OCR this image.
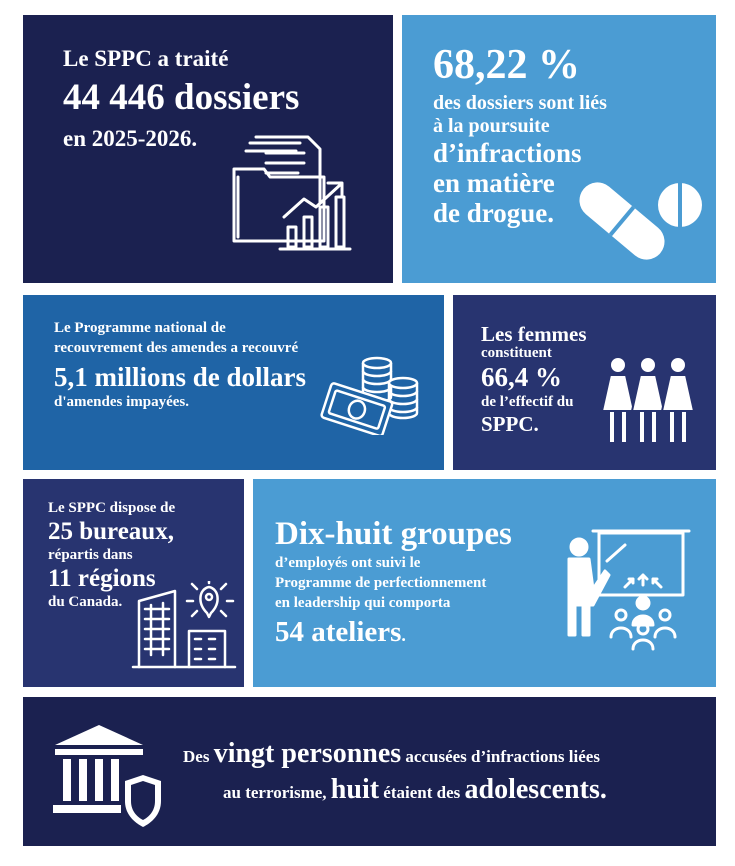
Le SPPC a traité
44 446 dossiers
en 2025-2026.
68,22 %
des dossiers sont liés
à la poursuite
d’infractions
en matière
de drogue.
Le Programme national de
recouvrement des amendes a recouvré
5,1 millions de dollars
d'amendes impayées.
Les femmes
constituent
66,4 %
de l’effectif du
SPPC.
Le SPPC dispose de
25 bureaux,
répartis dans
11 régions
du Canada.
Dix-huit groupes
d’employés ont suivi le
Programme de perfectionnement
en leadership qui comporta
54 ateliers.
Des vingt personnes accusées d’infractions liées
au terrorisme, huit étaient des adolescents.
